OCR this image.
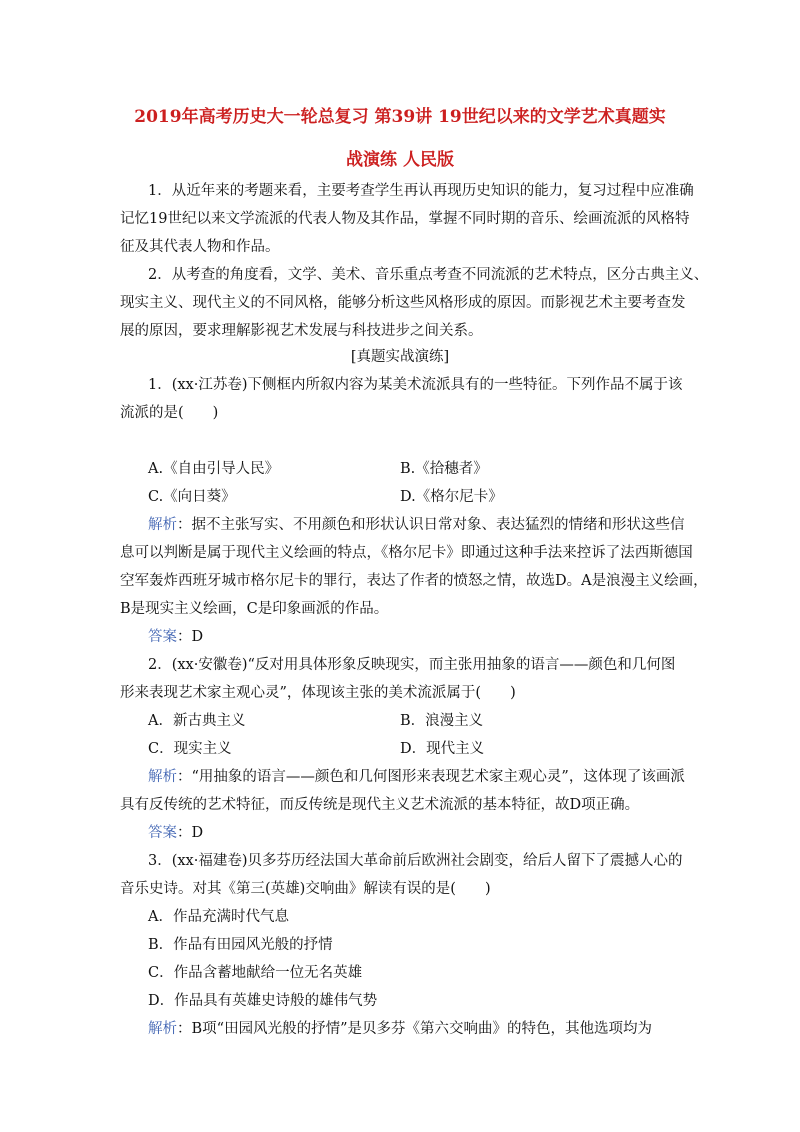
2019年高考历史大一轮总复习 第39讲 19世纪以来的文学艺术真题实
战演练 人民版
1．从近年来的考题来看，主要考查学生再认再现历史知识的能力，复习过程中应准确
记忆19世纪以来文学流派的代表人物及其作品，掌握不同时期的音乐、绘画流派的风格特
征及其代表人物和作品。
2．从考查的角度看，文学、美术、音乐重点考查不同流派的艺术特点，区分古典主义、
现实主义、现代主义的不同风格，能够分析这些风格形成的原因。而影视艺术主要考查发
展的原因，要求理解影视艺术发展与科技进步之间关系。
[真题实战演练]
1．(xx·江苏卷)下侧框内所叙内容为某美术流派具有的一些特征。下列作品不属于该
流派的是(　　)
A.《自由引导人民》	B.《拾穗者》
C.《向日葵》	D.《格尔尼卡》
解析：据不主张写实、不用颜色和形状认识日常对象、表达猛烈的情绪和形状这些信
息可以判断是属于现代主义绘画的特点，《格尔尼卡》即通过这种手法来控诉了法西斯德国
空军轰炸西班牙城市格尔尼卡的罪行，表达了作者的愤怒之情，故选D。A是浪漫主义绘画，
B是现实主义绘画，C是印象画派的作品。
答案：D
2．(xx·安徽卷)“反对用具体形象反映现实，而主张用抽象的语言——颜色和几何图
形来表现艺术家主观心灵”，体现该主张的美术流派属于(　　)
A．新古典主义	B．浪漫主义
C．现实主义	D．现代主义
解析：“用抽象的语言——颜色和几何图形来表现艺术家主观心灵”，这体现了该画派
具有反传统的艺术特征，而反传统是现代主义艺术流派的基本特征，故D项正确。
答案：D
3．(xx·福建卷)贝多芬历经法国大革命前后欧洲社会剧变，给后人留下了震撼人心的
音乐史诗。对其《第三(英雄)交响曲》解读有误的是(　　)
A．作品充满时代气息
B．作品有田园风光般的抒情
C．作品含蓄地献给一位无名英雄
D．作品具有英雄史诗般的雄伟气势
解析：B项“田园风光般的抒情”是贝多芬《第六交响曲》的特色，其他选项均为
